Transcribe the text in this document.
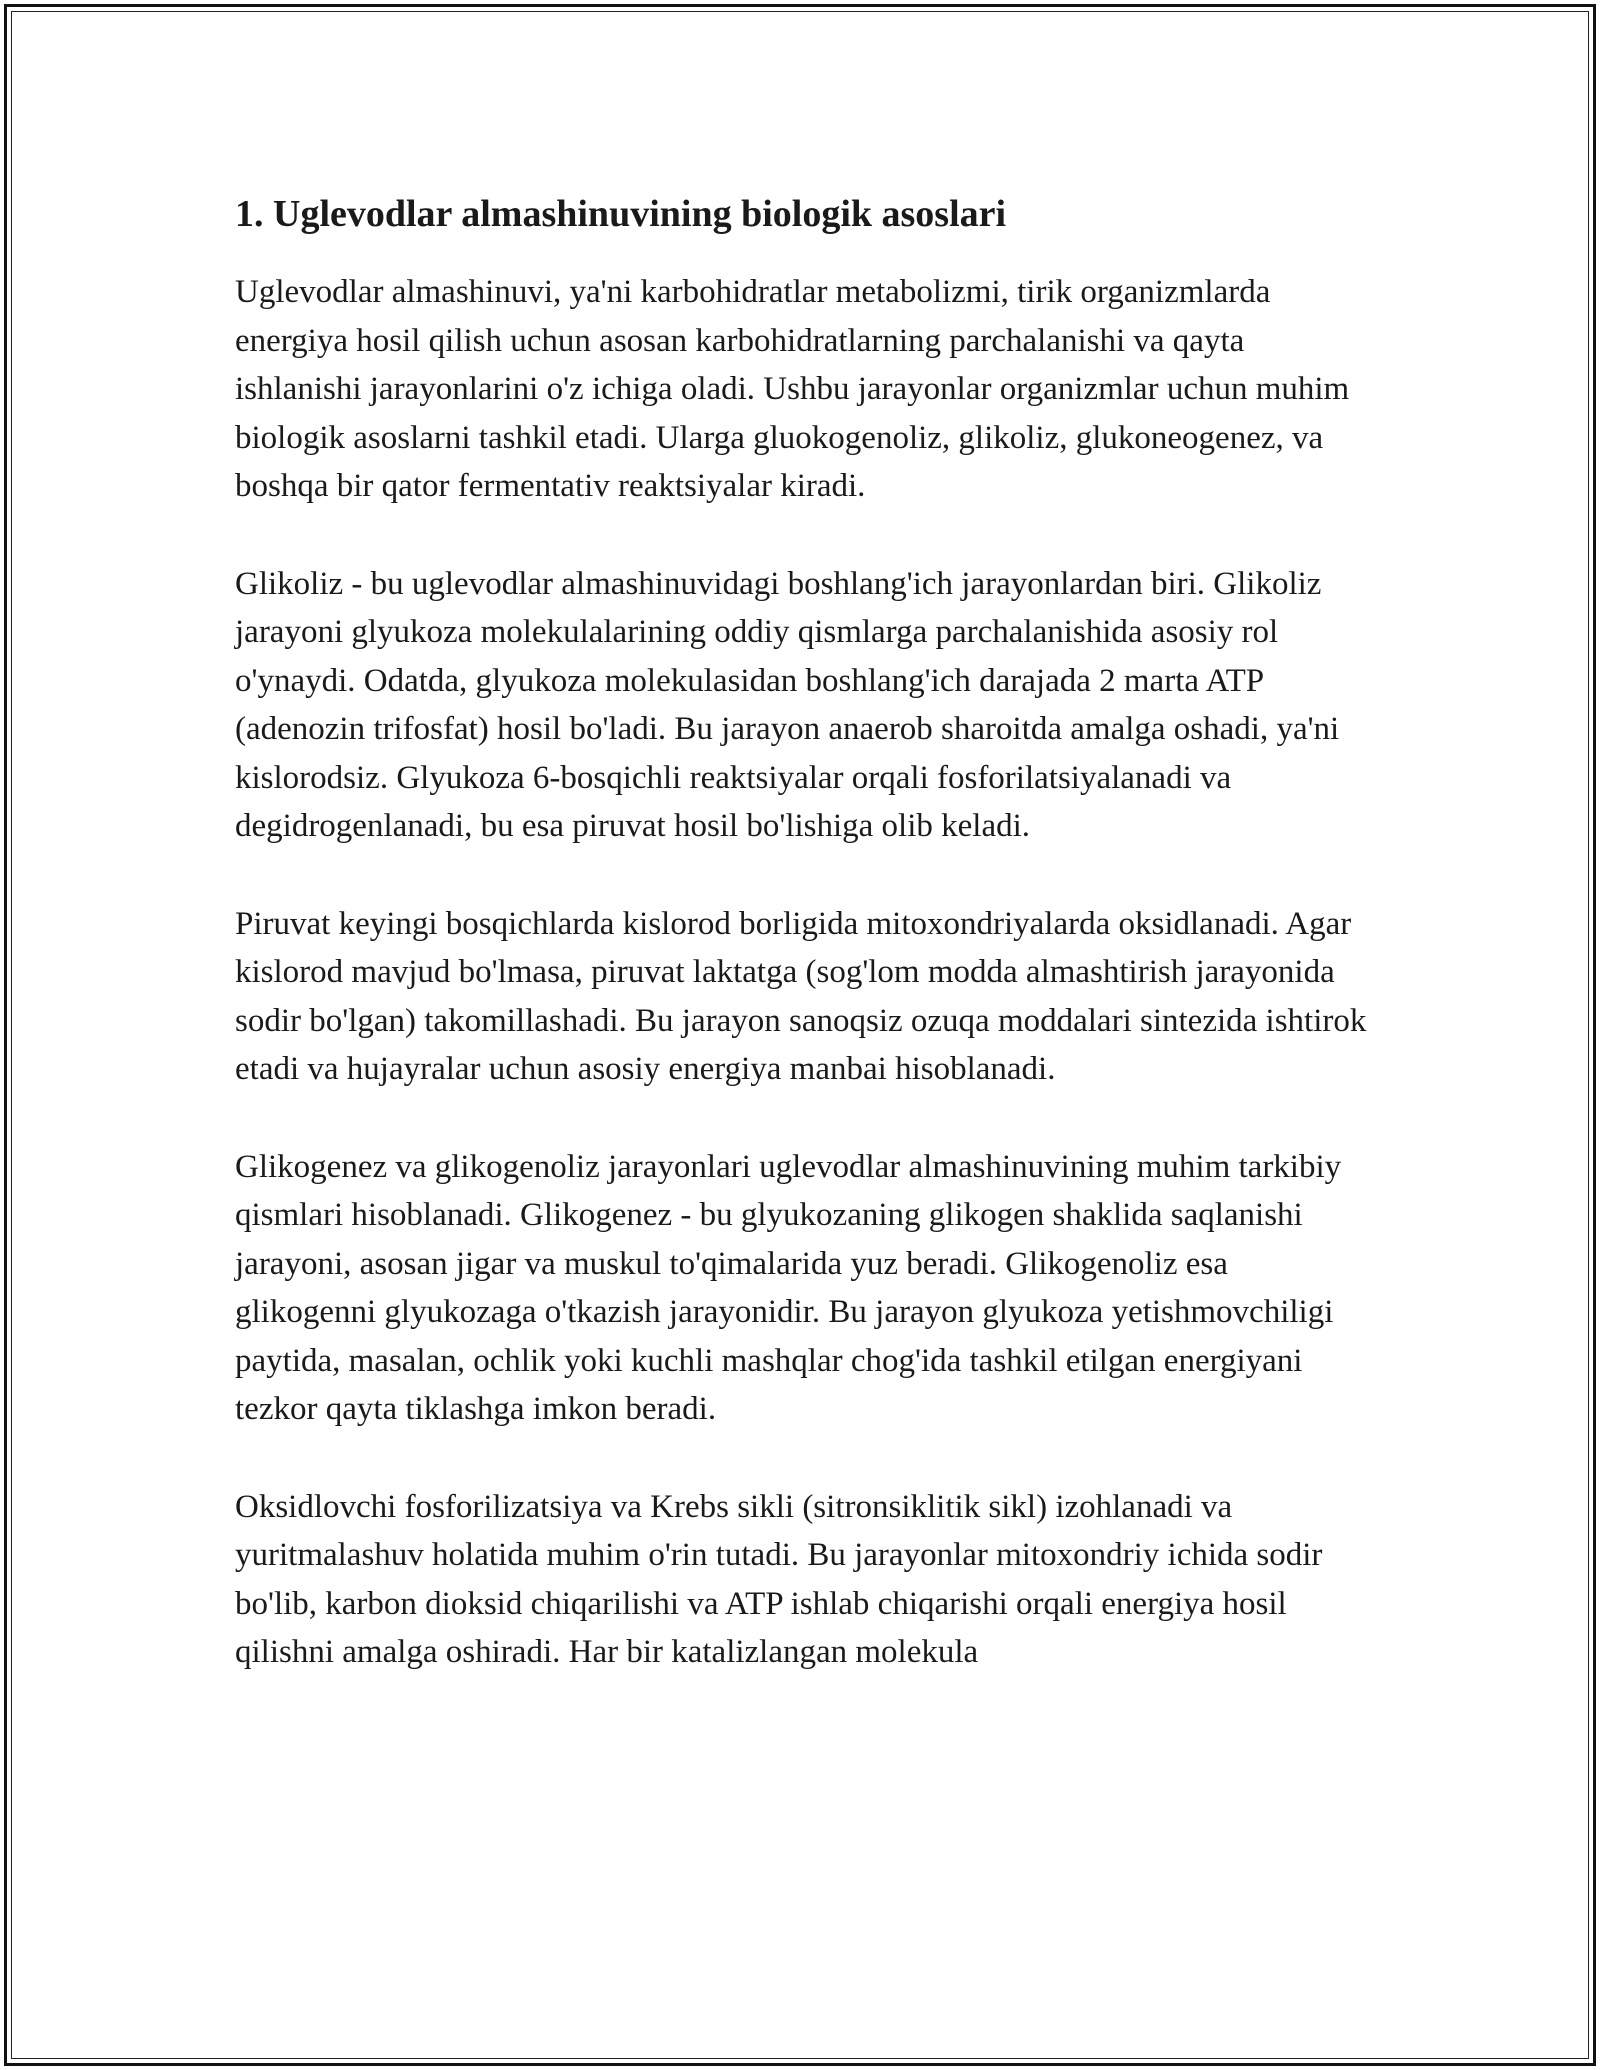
1. Uglevodlar almashinuvining biologik asoslari

Uglevodlar almashinuvi, ya'ni karbohidratlar metabolizmi, tirik organizmlarda energiya hosil qilish uchun asosan karbohidratlarning parchalanishi va qayta ishlanishi jarayonlarini o'z ichiga oladi. Ushbu jarayonlar organizmlar uchun muhim biologik asoslarni tashkil etadi. Ularga gluokogenoliz, glikoliz, glukoneogenez, va boshqa bir qator fermentativ reaktsiyalar kiradi.

Glikoliz - bu uglevodlar almashinuvidagi boshlang'ich jarayonlardan biri. Glikoliz jarayoni glyukoza molekulalarining oddiy qismlarga parchalanishida asosiy rol o'ynaydi. Odatda, glyukoza molekulasidan boshlang'ich darajada 2 marta ATP (adenozin trifosfat) hosil bo'ladi. Bu jarayon anaerob sharoitda amalga oshadi, ya'ni kislorodsiz. Glyukoza 6-bosqichli reaktsiyalar orqali fosforilatsiyalanadi va degidrogenlanadi, bu esa piruvat hosil bo'lishiga olib keladi.

Piruvat keyingi bosqichlarda kislorod borligida mitoxondriyalarda oksidlanadi. Agar kislorod mavjud bo'lmasa, piruvat laktatga (sog'lom modda almashtirish jarayonida sodir bo'lgan) takomillashadi. Bu jarayon sanoqsiz ozuqa moddalari sintezida ishtirok etadi va hujayralar uchun asosiy energiya manbai hisoblanadi.

Glikogenez va glikogenoliz jarayonlari uglevodlar almashinuvining muhim tarkibiy qismlari hisoblanadi. Glikogenez - bu glyukozaning glikogen shaklida saqlanishi jarayoni, asosan jigar va muskul to'qimalarida yuz beradi. Glikogenoliz esa glikogenni glyukozaga o'tkazish jarayonidir. Bu jarayon glyukoza yetishmovchiligi paytida, masalan, ochlik yoki kuchli mashqlar chog'ida tashkil etilgan energiyani tezkor qayta tiklashga imkon beradi.

Oksidlovchi fosforilizatsiya va Krebs sikli (sitronsiklitik sikl) izohlanadi va yuritmalashuv holatida muhim o'rin tutadi. Bu jarayonlar mitoxondriy ichida sodir bo'lib, karbon dioksid chiqarilishi va ATP ishlab chiqarishi orqali energiya hosil qilishni amalga oshiradi. Har bir katalizlangan molekula
